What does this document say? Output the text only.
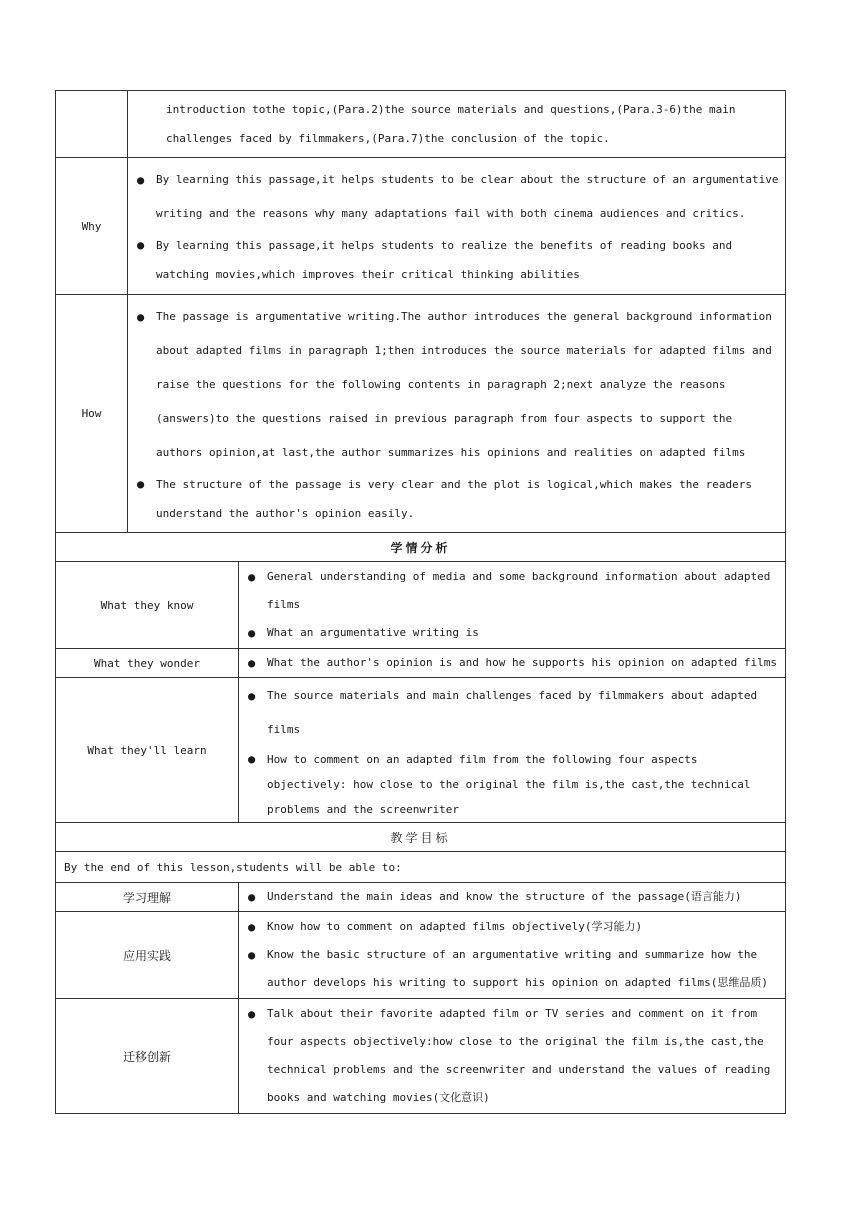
	introduction tothe topic,(Para.2)the source materials and questions,(Para.3-6)the main challenges faced by filmmakers,(Para.7)the conclusion of the topic.	

Why	● By learning this passage,it helps students to be clear about the structure of an argumentative writing and the reasons why many adaptations fail with both cinema audiences and critics.
● By learning this passage,it helps students to realize the benefits of reading books and watching movies,which improves their critical thinking abilities	

How	● The passage is argumentative writing.The author introduces the general background information about adapted films in paragraph 1;then introduces the source materials for adapted films and raise the questions for the following contents in paragraph 2;next analyze the reasons (answers)to the questions raised in previous paragraph from four aspects to support the authors opinion,at last,the author summarizes his opinions and realities on adapted films
● The structure of the passage is very clear and the plot is logical,which makes the readers understand the author's opinion easily.	

学情分析		
What they know		● General understanding of media and some background information about adapted films
● What an argumentative writing is

What they wonder		● What the author's opinion is and how he supports his opinion on adapted films

What they'll learn		● The source materials and main challenges faced by filmmakers about adapted films
● How to comment on an adapted film from the following four aspects objectively: how close to the original the film is,the cast,the technical problems and the screenwriter

教学目标		
By the end of this lesson,students will be able to:		
学习理解		● Understand the main ideas and know the structure of the passage(语言能力)

应用实践		● Know how to comment on adapted films objectively(学习能力)
● Know the basic structure of an argumentative writing and summarize how the author develops his writing to support his opinion on adapted films(思维品质)

迁移创新		● Talk about their favorite adapted film or TV series and comment on it from four aspects objectively:how close to the original the film is,the cast,the technical problems and the screenwriter and understand the values of reading books and watching movies(文化意识)
